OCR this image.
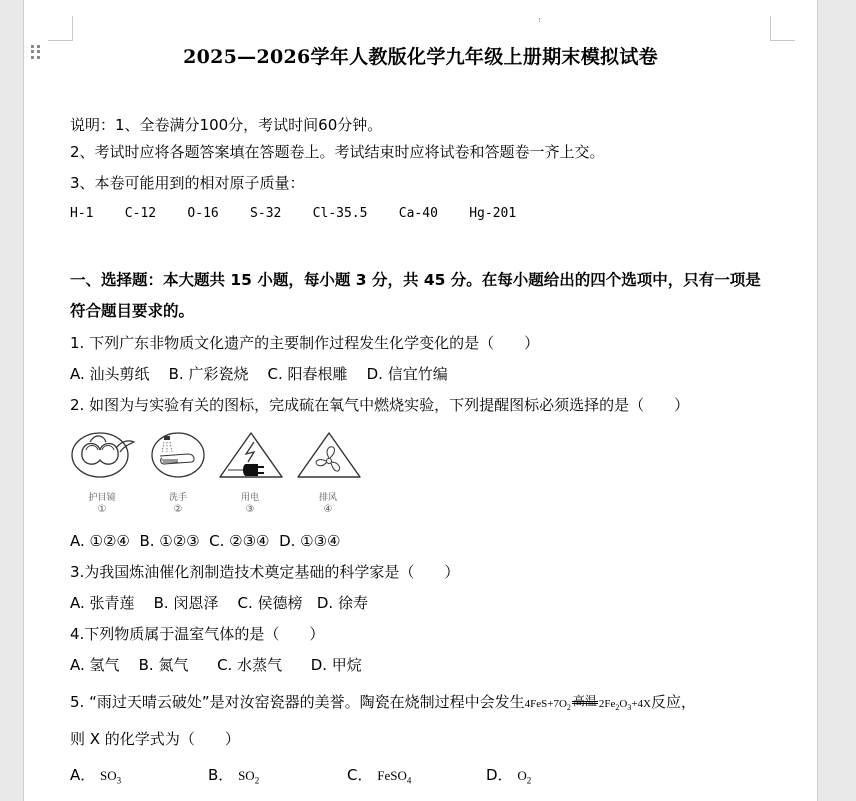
2025—2026学年人教版化学九年级上册期末模拟试卷
说明：1、全卷满分100分，考试时间60分钟。
2、考试时应将各题答案填在答题卷上。考试结束时应将试卷和答题卷一齐上交。
3、本卷可能用到的相对原子质量：
H-1 C-12 O-16 S-32 Cl-35.5 Ca-40 Hg-201
一、选择题：本大题共 15 小题，每小题 3 分，共 45 分。在每小题给出的四个选项中，只有一项是
符合题目要求的。
1. 下列广东非物质文化遗产的主要制作过程发生化学变化的是（　　）
A. 汕头剪纸 B. 广彩瓷烧 C. 阳春根雕 D. 信宜竹编
2. 如图为与实验有关的图标，完成硫在氧气中燃烧实验，下列提醒图标必须选择的是（　　）
护目镜
①
洗手
②
用电
③
排风
④
A. ①②④ B. ①②③ C. ②③④ D. ①③④
3.为我国炼油催化剂制造技术奠定基础的科学家是（　　）
A. 张青莲 B. 闵恩泽 C. 侯德榜 D. 徐寿
4.下列物质属于温室气体的是（　　）
A. 氢气 B. 氮气 C. 水蒸气 D. 甲烷
5. “雨过天晴云破处”是对汝窑瓷器的美誉。陶瓷在烧制过程中会发生$4FeS+7O_2$ 高温 $2Fe_2O_3+4X$反应，
则 X 的化学式为（　　）
A． $SO_3$	B． $SO_2$	C． FeSO$_4$	D． $O_2$
